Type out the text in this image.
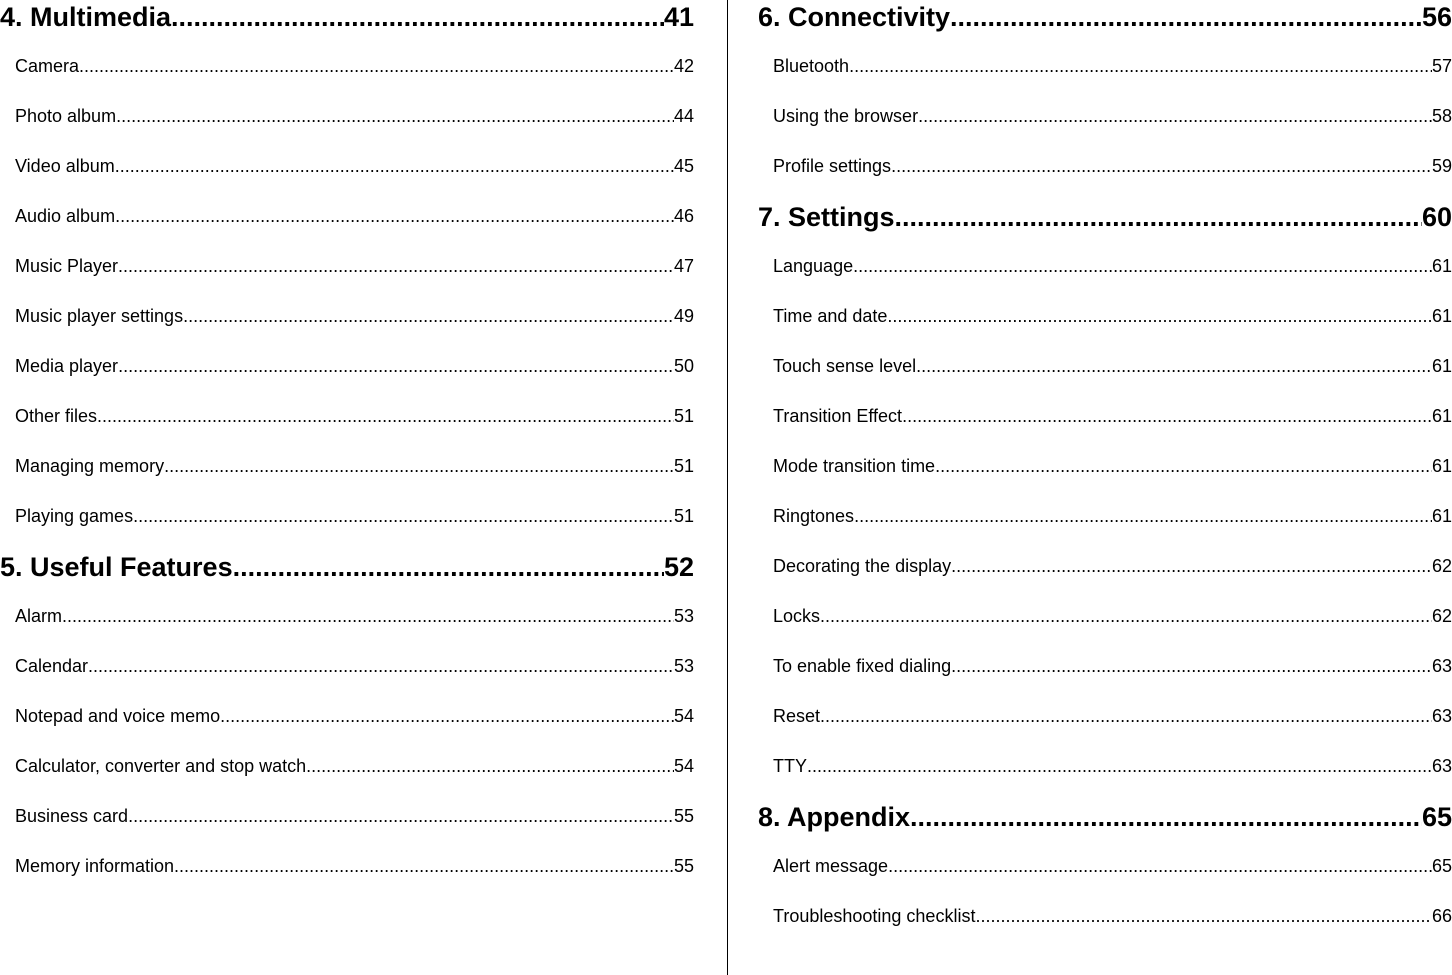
4. Multimedia .....	41
Camera .....	42
Photo album .....	44
Video album .....	45
Audio album .....	46
Music Player .....	47
Music player settings .....	49
Media player .....	50
Other files .....	51
Managing memory .....	51
Playing games .....	51
5. Useful Features .....	52
Alarm .....	53
Calendar .....	53
Notepad and voice memo .....	54
Calculator, converter and stop watch .....	54
Business card .....	55
Memory information .....	55
6. Connectivity .....	56
Bluetooth .....	57
Using the browser .....	58
Profile settings .....	59
7. Settings .....	60
Language .....	61
Time and date .....	61
Touch sense level .....	61
Transition Effect .....	61
Mode transition time .....	61
Ringtones .....	61
Decorating the display .....	62
Locks .....	62
To enable fixed dialing .....	63
Reset .....	63
TTY .....	63
8. Appendix .....	65
Alert message .....	65
Troubleshooting checklist .....	66
